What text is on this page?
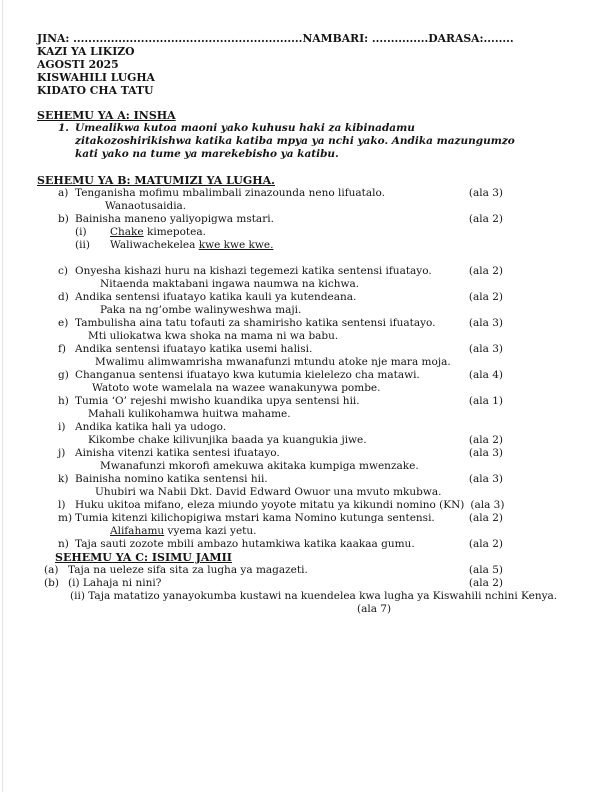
JINA: .............................................................NAMBARI: ...............DARASA:........
KAZI YA LIKIZO
AGOSTI 2025
KISWAHILI LUGHA
KIDATO CHA TATU
SEHEMU YA A: INSHA
1. Umealikwa kutoa maoni yako kuhusu haki za kibinadamu zitakozoshirikishwa katika katiba mpya ya nchi yako. Andika mazungumzo kati yako na tume ya marekebisho ya katibu.
SEHEMU YA B: MATUMIZI YA LUGHA.
a) Tenganisha mofimu mbalimbali zinazounda neno lifuatalo.	(ala 3)
Wanaotusaidia.
b) Bainisha maneno yaliyopigwa mstari.	(ala 2)
(i)	Chake kimepotea.
(ii)	Waliwachekelea kwe kwe kwe.
c) Onyesha kishazi huru na kishazi tegemezi katika sentensi ifuatayo.	(ala 2)
Nitaenda maktabani ingawa naumwa na kichwa.
d) Andika sentensi ifuatayo katika kauli ya kutendeana.	(ala 2)
Paka na ng’ombe walinyweshwa maji.
e) Tambulisha aina tatu tofauti za shamirisho katika sentensi ifuatayo.	(ala 3)
Mti uliokatwa kwa shoka na mama ni wa babu.
f) Andika sentensi ifuatayo katika usemi halisi.	(ala 3)
Mwalimu alimwamrisha mwanafunzi mtundu atoke nje mara moja.
g) Changanua sentensi ifuatayo kwa kutumia kielelezo cha matawi.	(ala 4)
Watoto wote wamelala na wazee wanakunywa pombe.
h) Tumia ‘O’ rejeshi mwisho kuandika upya sentensi hii.	(ala 1)
Mahali kulikohamwa huitwa mahame.
i) Andika katika hali ya udogo.
Kikombe chake kilivunjika baada ya kuangukia jiwe.	(ala 2)
j) Ainisha vitenzi katika sentesi ifuatayo.	(ala 3)
Mwanafunzi mkorofi amekuwa akitaka kumpiga mwenzake.
k) Bainisha nomino katika sentensi hii.	(ala 3)
Uhubiri wa Nabii Dkt. David Edward Owuor una mvuto mkubwa.
l) Huku ukitoa mifano, eleza miundo yoyote mitatu ya kikundi nomino (KN) (ala 3)
m) Tumia kitenzi kilichopigiwa mstari kama Nomino kutunga sentensi.	(ala 2)
Alifahamu vyema kazi yetu.
n) Taja sauti zozote mbili ambazo hutamkiwa katika kaakaa gumu.	(ala 2)
SEHEMU YA C: ISIMU JAMII
(a) Taja na ueleze sifa sita za lugha ya magazeti.	(ala 5)
(b) (i) Lahaja ni nini?	(ala 2)
(ii) Taja matatizo yanayokumba kustawi na kuendelea kwa lugha ya Kiswahili nchini Kenya.
(ala 7)
